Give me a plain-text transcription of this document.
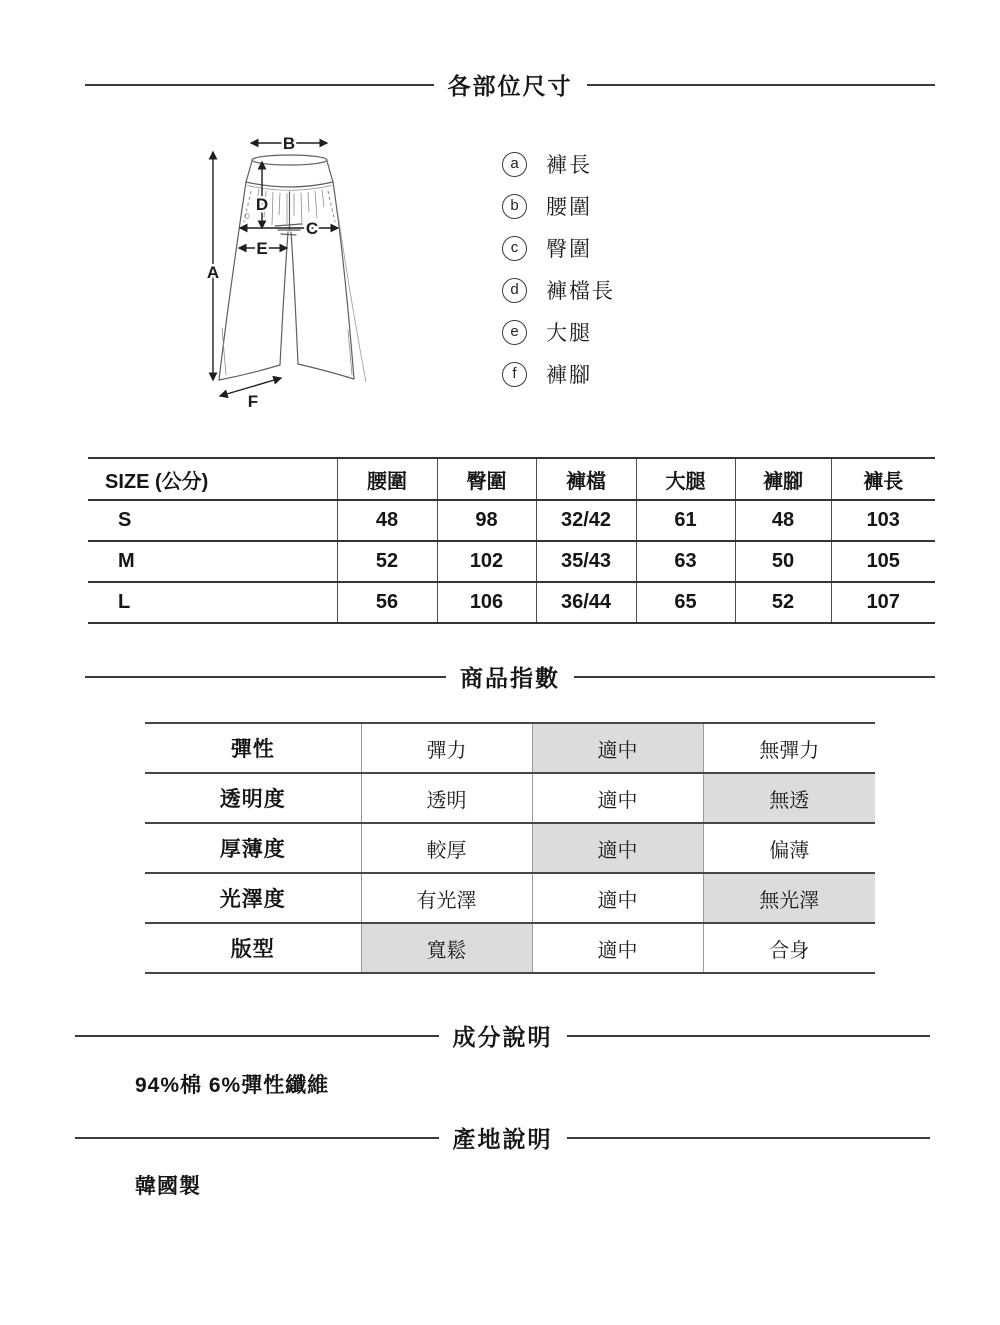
各部位尺寸
A
B
C
D
E
F
a	褲長
b	腰圍
c	臀圍
d	褲檔長
e	大腿
f	褲腳
SIZE (公分)	腰圍	臀圍	褲檔	大腿	褲腳	褲長
S	48	98	32/42	61	48	103
M	52	102	35/43	63	50	105
L	56	106	36/44	65	52	107
商品指數
彈性	彈力	適中	無彈力
透明度	透明	適中	無透
厚薄度	較厚	適中	偏薄
光澤度	有光澤	適中	無光澤
版型	寬鬆	適中	合身
成分說明
94%棉 6%彈性纖維
產地說明
韓國製
